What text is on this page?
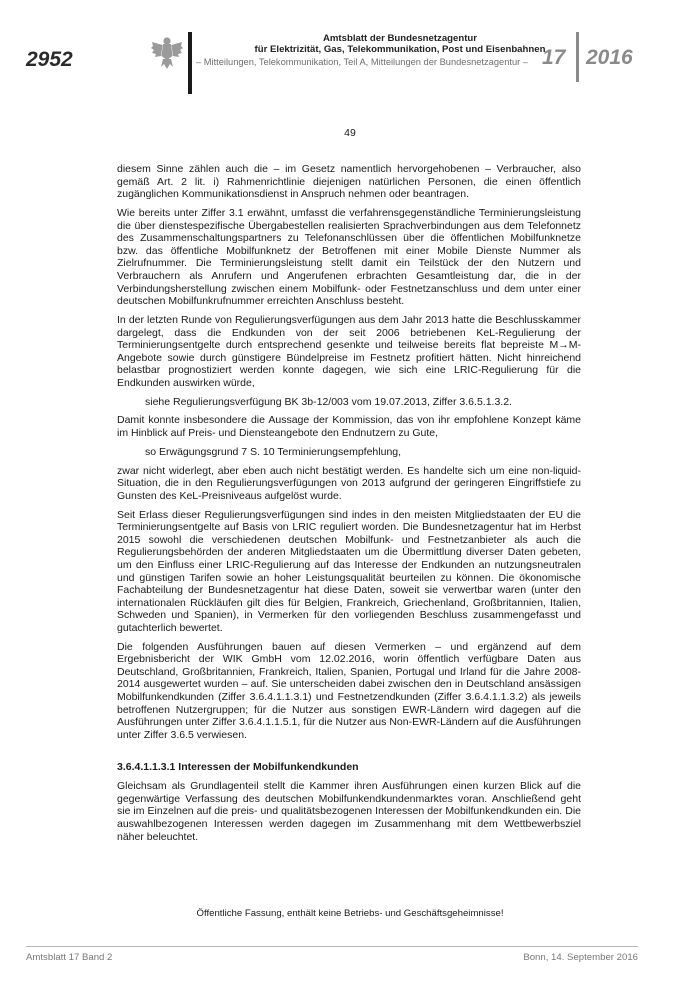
2952
Amtsblatt der Bundesnetzagentur
für Elektrizität, Gas, Telekommunikation, Post und Eisenbahnen
– Mitteilungen, Telekommunikation, Teil A, Mitteilungen der Bundesnetzagentur – 17 2016
49

diesem Sinne zählen auch die – im Gesetz namentlich hervorgehobenen – Verbraucher, also gemäß Art. 2 lit. i) Rahmenrichtlinie diejenigen natürlichen Personen, die einen öffentlich zugänglichen Kommunikationsdienst in Anspruch nehmen oder beantragen.

Wie bereits unter Ziffer 3.1 erwähnt, umfasst die verfahrensgegenständliche Terminierungsleistung die über dienstespezifische Übergabestellen realisierten Sprachverbindungen aus dem Telefonnetz des Zusammenschaltungspartners zu Telefonanschlüssen über die öffentlichen Mobilfunknetze bzw. das öffentliche Mobilfunknetz der Betroffenen mit einer Mobile Dienste Nummer als Zielrufnummer. Die Terminierungsleistung stellt damit ein Teilstück der den Nutzern und Verbrauchern als Anrufern und Angerufenen erbrachten Gesamtleistung dar, die in der Verbindungsherstellung zwischen einem Mobilfunk- oder Festnetzanschluss und dem unter einer deutschen Mobilfunkrufnummer erreichten Anschluss besteht.

In der letzten Runde von Regulierungsverfügungen aus dem Jahr 2013 hatte die Beschlusskammer dargelegt, dass die Endkunden von der seit 2006 betriebenen KeL-Regulierung der Terminierungsentgelte durch entsprechend gesenkte und teilweise bereits flat bepreiste M→M-Angebote sowie durch günstigere Bündelpreise im Festnetz profitiert hätten. Nicht hinreichend belastbar prognostiziert werden konnte dagegen, wie sich eine LRIC-Regulierung für die Endkunden auswirken würde,

siehe Regulierungsverfügung BK 3b-12/003 vom 19.07.2013, Ziffer 3.6.5.1.3.2.

Damit konnte insbesondere die Aussage der Kommission, das von ihr empfohlene Konzept käme im Hinblick auf Preis- und Diensteangebote den Endnutzern zu Gute,

so Erwägungsgrund 7 S. 10 Terminierungsempfehlung,

zwar nicht widerlegt, aber eben auch nicht bestätigt werden. Es handelte sich um eine non-liquid-Situation, die in den Regulierungsverfügungen von 2013 aufgrund der geringeren Eingriffstiefe zu Gunsten des KeL-Preisniveaus aufgelöst wurde.

Seit Erlass dieser Regulierungsverfügungen sind indes in den meisten Mitgliedstaaten der EU die Terminierungsentgelte auf Basis von LRIC reguliert worden. Die Bundesnetzagentur hat im Herbst 2015 sowohl die verschiedenen deutschen Mobilfunk- und Festnetzanbieter als auch die Regulierungsbehörden der anderen Mitgliedstaaten um die Übermittlung diverser Daten gebeten, um den Einfluss einer LRIC-Regulierung auf das Interesse der Endkunden an nutzungsneutralen und günstigen Tarifen sowie an hoher Leistungsqualität beurteilen zu können. Die ökonomische Fachabteilung der Bundesnetzagentur hat diese Daten, soweit sie verwertbar waren (unter den internationalen Rückläufen gilt dies für Belgien, Frankreich, Griechenland, Großbritannien, Italien, Schweden und Spanien), in Vermerken für den vorliegenden Beschluss zusammengefasst und gutachterlich bewertet.

Die folgenden Ausführungen bauen auf diesen Vermerken – und ergänzend auf dem Ergebnisbericht der WIK GmbH vom 12.02.2016, worin öffentlich verfügbare Daten aus Deutschland, Großbritannien, Frankreich, Italien, Spanien, Portugal und Irland für die Jahre 2008-2014 ausgewertet wurden – auf. Sie unterscheiden dabei zwischen den in Deutschland ansässigen Mobilfunkendkunden (Ziffer 3.6.4.1.1.3.1) und Festnetzendkunden (Ziffer 3.6.4.1.1.3.2) als jeweils betroffenen Nutzergruppen; für die Nutzer aus sonstigen EWR-Ländern wird dagegen auf die Ausführungen unter Ziffer 3.6.4.1.1.5.1, für die Nutzer aus Non-EWR-Ländern auf die Ausführungen unter Ziffer 3.6.5 verwiesen.

3.6.4.1.1.3.1 Interessen der Mobilfunkendkunden

Gleichsam als Grundlagenteil stellt die Kammer ihren Ausführungen einen kurzen Blick auf die gegenwärtige Verfassung des deutschen Mobilfunkendkundenmarktes voran. Anschließend geht sie im Einzelnen auf die preis- und qualitätsbezogenen Interessen der Mobilfunkendkunden ein. Die auswahlbezogenen Interessen werden dagegen im Zusammenhang mit dem Wettbewerbsziel näher beleuchtet.

Öffentliche Fassung, enthält keine Betriebs- und Geschäftsgeheimnisse!
Amtsblatt 17 Band 2	Bonn, 14. September 2016
